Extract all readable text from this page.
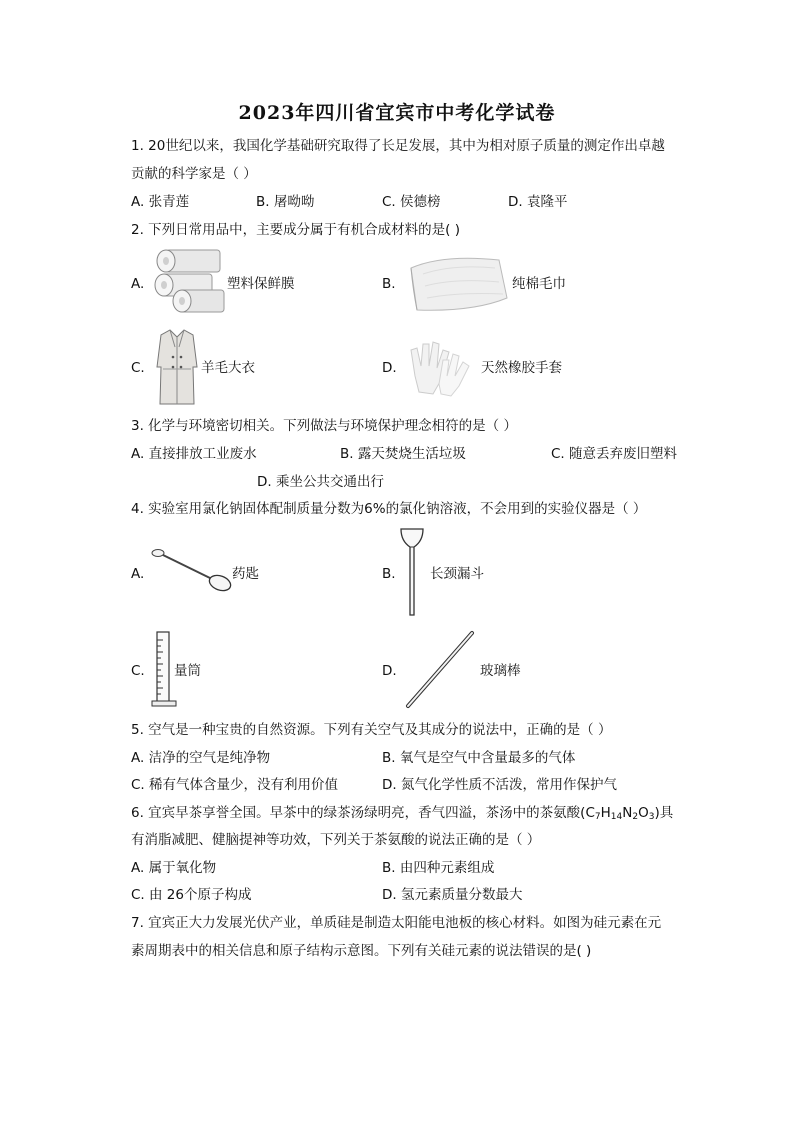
2023年四川省宜宾市中考化学试卷
1. 20世纪以来，我国化学基础研究取得了长足发展，其中为相对原子质量的测定作出卓越
贡献的科学家是（ ）
A. 张青莲	B. 屠呦呦	C. 侯德榜	D. 袁隆平
2. 下列日常用品中，主要成分属于有机合成材料的是( )
A.	塑料保鲜膜	B.	纯棉毛巾
C.	羊毛大衣	D.	天然橡胶手套
3. 化学与环境密切相关。下列做法与环境保护理念相符的是（ ）
A. 直接排放工业废水	B. 露天焚烧生活垃圾	C. 随意丢弃废旧塑料
D. 乘坐公共交通出行
4. 实验室用氯化钠固体配制质量分数为6%的氯化钠溶液，不会用到的实验仪器是（ ）
A.	药匙	B.	长颈漏斗
C. 量筒	D.	玻璃棒
5. 空气是一种宝贵的自然资源。下列有关空气及其成分的说法中，正确的是（ ）
A. 洁净的空气是纯净物	B. 氧气是空气中含量最多的气体
C. 稀有气体含量少，没有利用价值	D. 氮气化学性质不活泼，常用作保护气
6. 宜宾早茶享誉全国。早茶中的绿茶汤绿明亮，香气四溢，茶汤中的茶氨酸$(C_7H_{14}N_2O_3)$具
有消脂减肥、健脑提神等功效，下列关于茶氨酸的说法正确的是（ ）
A. 属于氧化物	B. 由四种元素组成
C. 由 26个原子构成	D. 氢元素质量分数最大
7. 宜宾正大力发展光伏产业，单质硅是制造太阳能电池板的核心材料。如图为硅元素在元
素周期表中的相关信息和原子结构示意图。下列有关硅元素的说法错误的是( )
